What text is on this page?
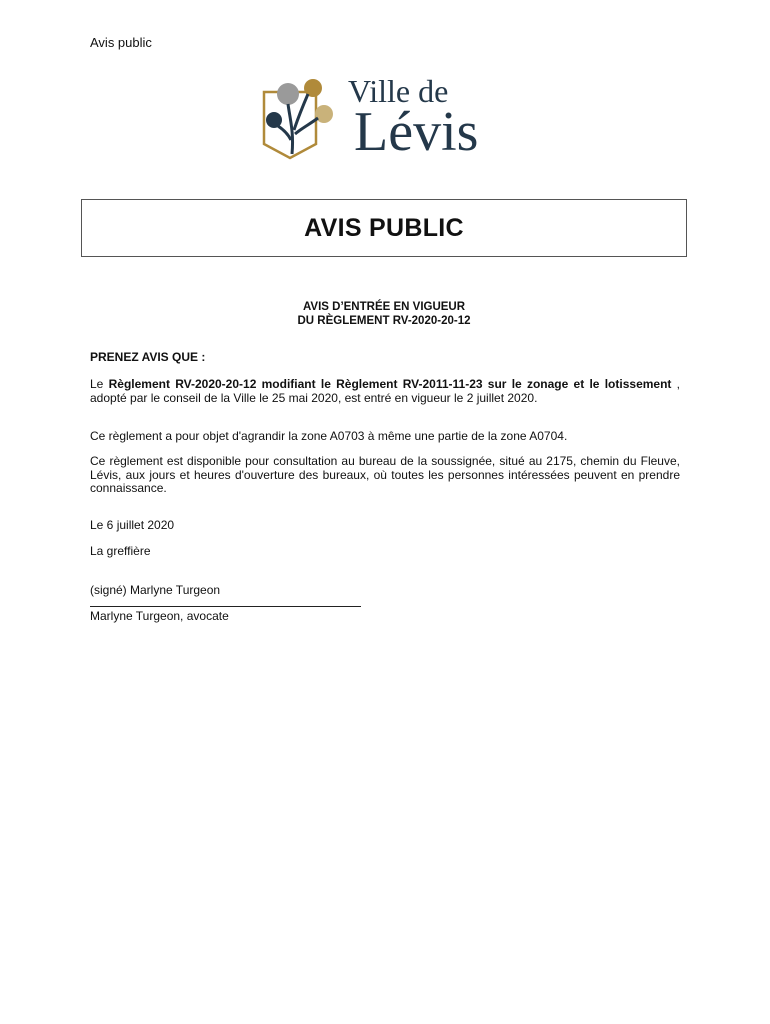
Avis public
Ville de
Lévis
AVIS PUBLIC
AVIS D’ENTRÉE EN VIGUEUR
DU RÈGLEMENT RV-2020-20-12
PRENEZ AVIS QUE :
Le Règlement RV-2020-20-12 modifiant le Règlement RV-2011-11-23 sur le zonage et le lotissement , adopté par le conseil de la Ville le 25 mai 2020, est entré en vigueur le 2 juillet 2020.
Ce règlement a pour objet d'agrandir la zone A0703 à même une partie de la zone A0704.
Ce règlement est disponible pour consultation au bureau de la soussignée, situé au 2175, chemin du Fleuve, Lévis, aux jours et heures d'ouverture des bureaux, où toutes les personnes intéressées peuvent en prendre connaissance.
Le 6 juillet 2020
La greffière
(signé) Marlyne Turgeon
Marlyne Turgeon, avocate
